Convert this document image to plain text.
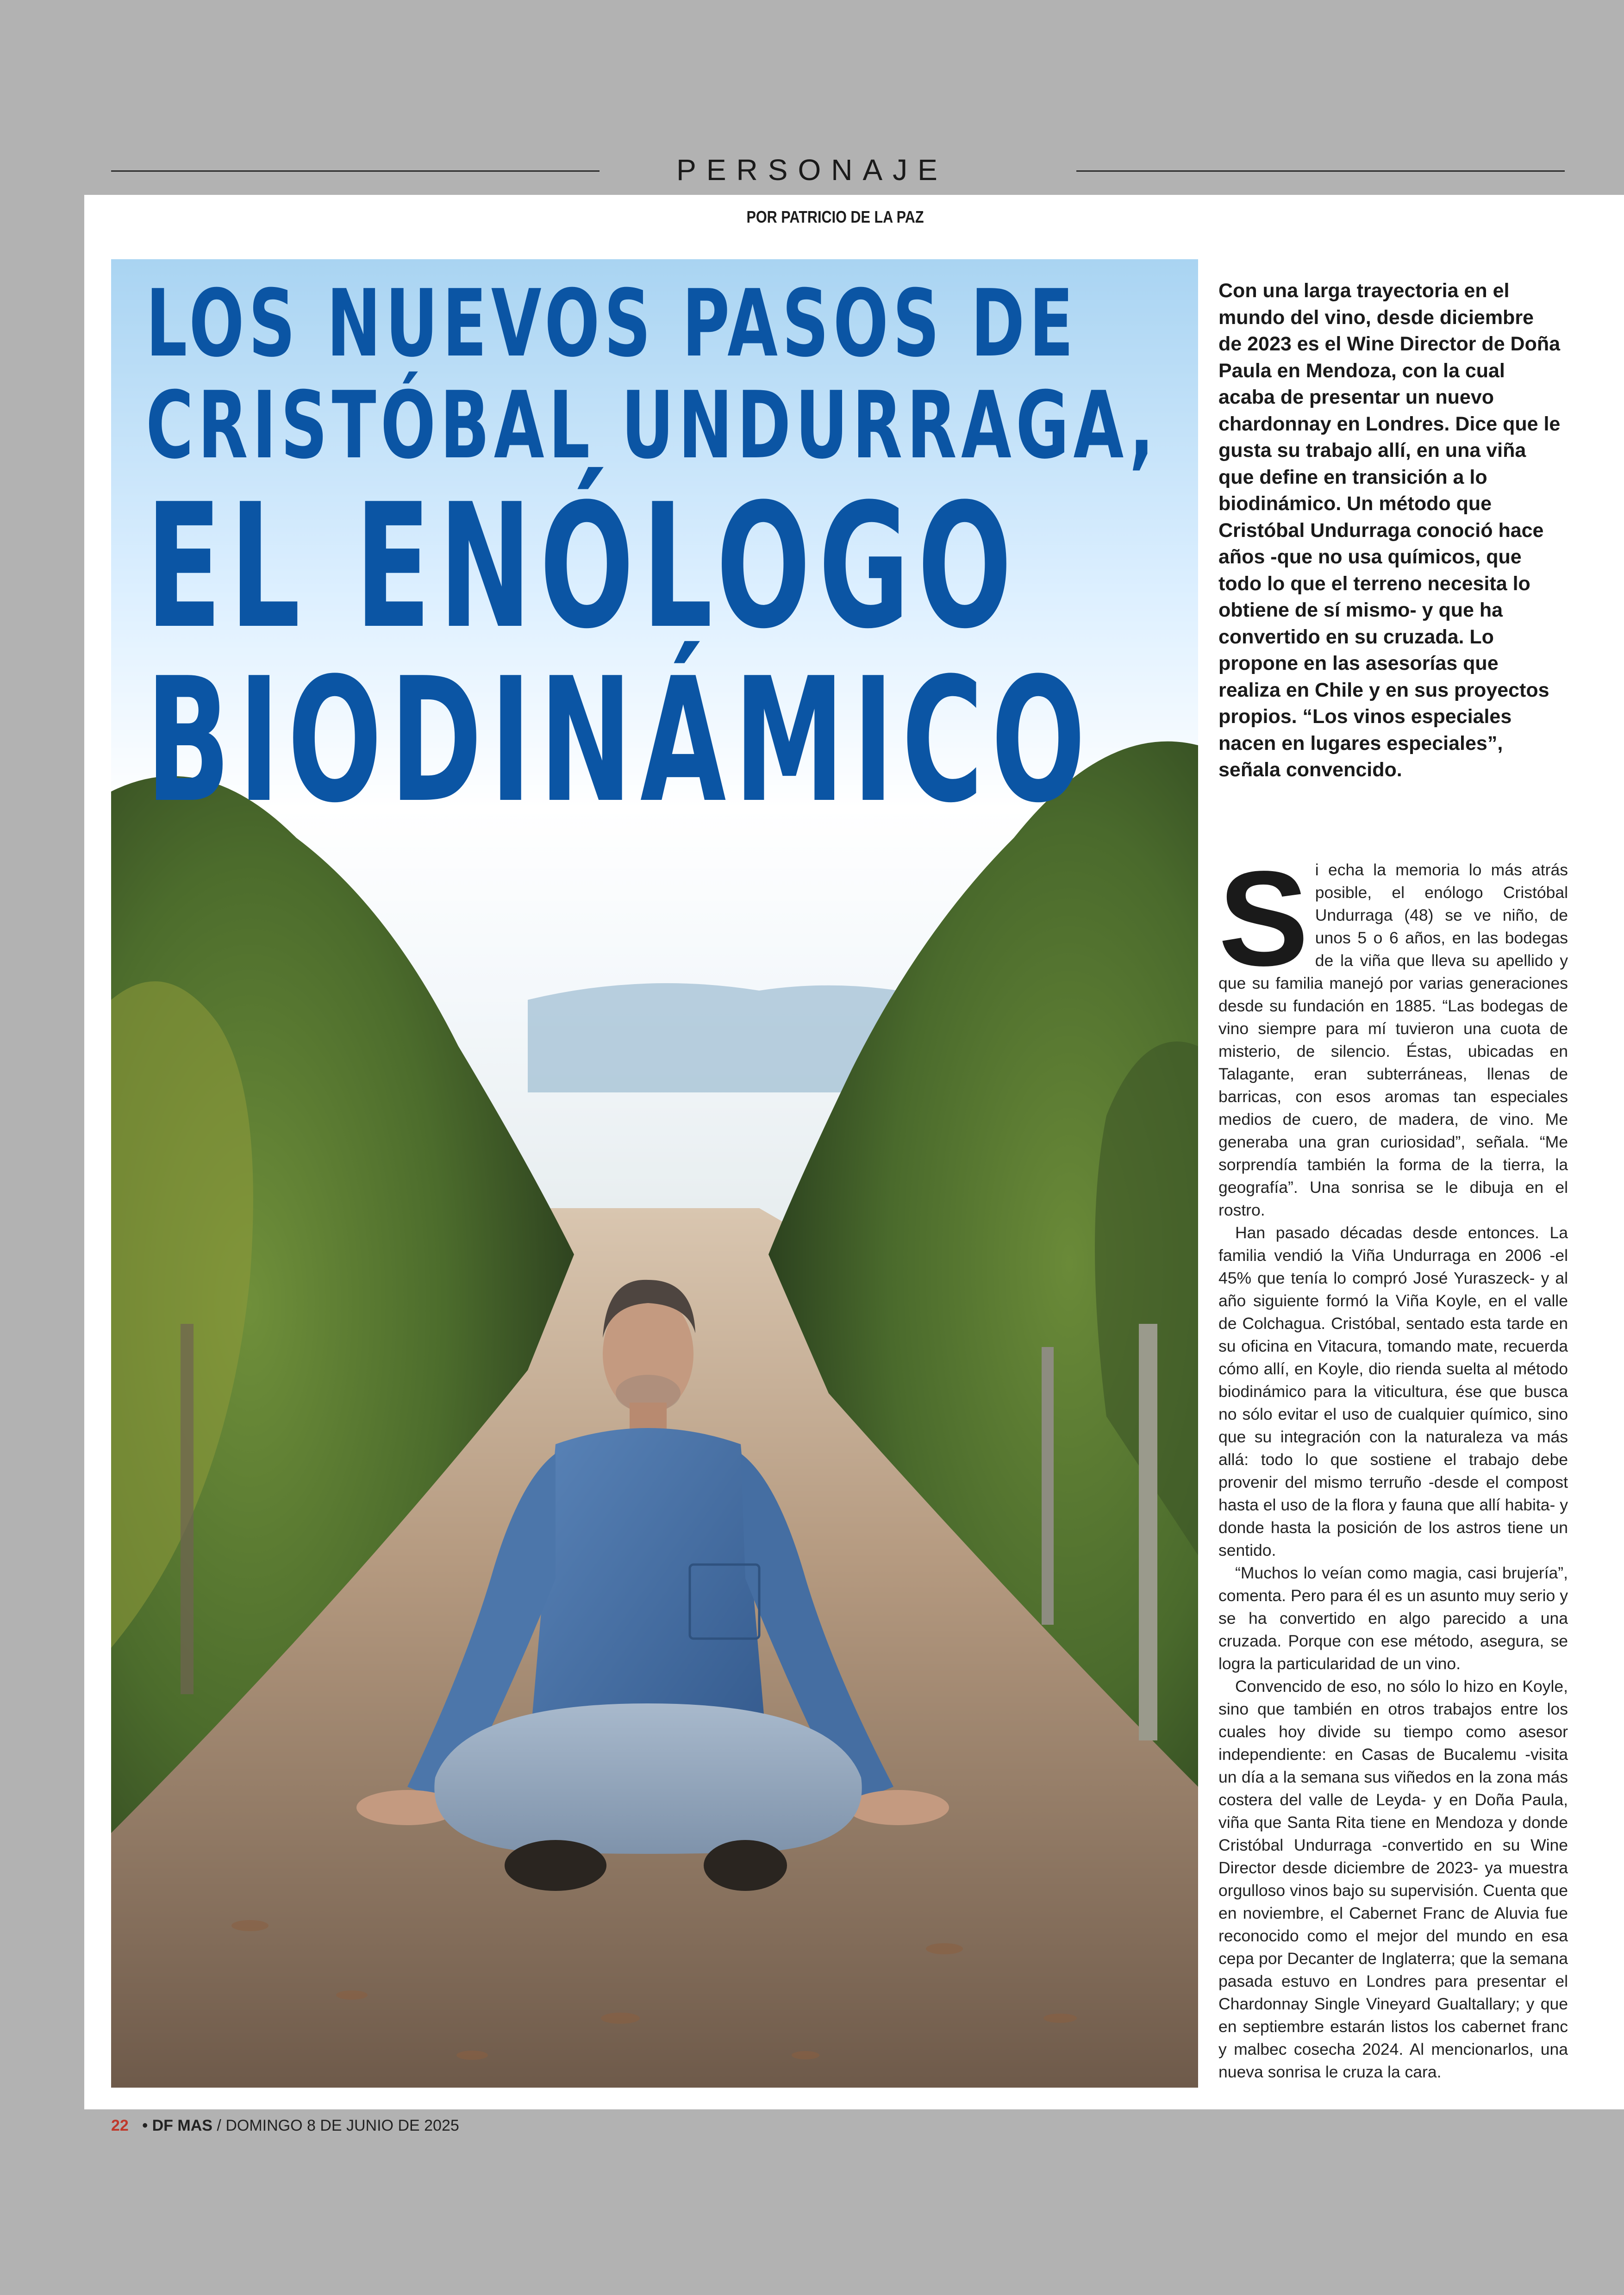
PERSONAJE
POR PATRICIO DE LA PAZ
LOS NUEVOS PASOS DE
CRISTÓBAL UNDURRAGA,
EL ENÓLOGO
BIODINÁMICO
Con una larga trayectoria en el mundo del vino, desde diciembre de 2023 es el Wine Director de Doña Paula en Mendoza, con la cual acaba de presentar un nuevo chardonnay en Londres. Dice que le gusta su trabajo allí, en una viña que define en transición a lo biodinámico. Un método que Cristóbal Undurraga conoció hace años -que no usa químicos, que todo lo que el terreno necesita lo obtiene de sí mismo- y que ha convertido en su cruzada. Lo propone en las asesorías que realiza en Chile y en sus proyectos propios. “Los vinos especiales nacen en lugares especiales”, señala convencido.

Si echa la memoria lo más atrás posible, el enólogo Cristóbal Undurraga (48) se ve niño, de unos 5 o 6 años, en las bodegas de la viña que lleva su apellido y que su familia manejó por varias generaciones desde su fundación en 1885. “Las bodegas de vino siempre para mí tuvieron una cuota de misterio, de silencio. Éstas, ubicadas en Talagante, eran subterráneas, llenas de barricas, con esos aromas tan especiales medios de cuero, de madera, de vino. Me generaba una gran curiosidad”, señala. “Me sorprendía también la forma de la tierra, la geografía”. Una sonrisa se le dibuja en el rostro.

Han pasado décadas desde entonces. La familia vendió la Viña Undurraga en 2006 -el 45% que tenía lo compró José Yuraszeck- y al año siguiente formó la Viña Koyle, en el valle de Colchagua. Cristóbal, sentado esta tarde en su oficina en Vitacura, tomando mate, recuerda cómo allí, en Koyle, dio rienda suelta al método biodinámico para la viticultura, ése que busca no sólo evitar el uso de cualquier químico, sino que su integración con la naturaleza va más allá: todo lo que sostiene el trabajo debe provenir del mismo terruño -desde el compost hasta el uso de la flora y fauna que allí habita- y donde hasta la posición de los astros tiene un sentido.

“Muchos lo veían como magia, casi brujería”, comenta. Pero para él es un asunto muy serio y se ha convertido en algo parecido a una cruzada. Porque con ese método, asegura, se logra la particularidad de un vino.

Convencido de eso, no sólo lo hizo en Koyle, sino que también en otros trabajos entre los cuales hoy divide su tiempo como asesor independiente: en Casas de Bucalemu -visita un día a la semana sus viñedos en la zona más costera del valle de Leyda- y en Doña Paula, viña que Santa Rita tiene en Mendoza y donde Cristóbal Undurraga -convertido en su Wine Director desde diciembre de 2023- ya muestra orgulloso vinos bajo su supervisión. Cuenta que en noviembre, el Cabernet Franc de Aluvia fue reconocido como el mejor del mundo en esa cepa por Decanter de Inglaterra; que la semana pasada estuvo en Londres para presentar el Chardonnay Single Vineyard Gualtallary; y que en septiembre estarán listos los cabernet franc y malbec cosecha 2024. Al mencionarlos, una nueva sonrisa le cruza la cara.

22 • DF MAS / DOMINGO 8 DE JUNIO DE 2025
